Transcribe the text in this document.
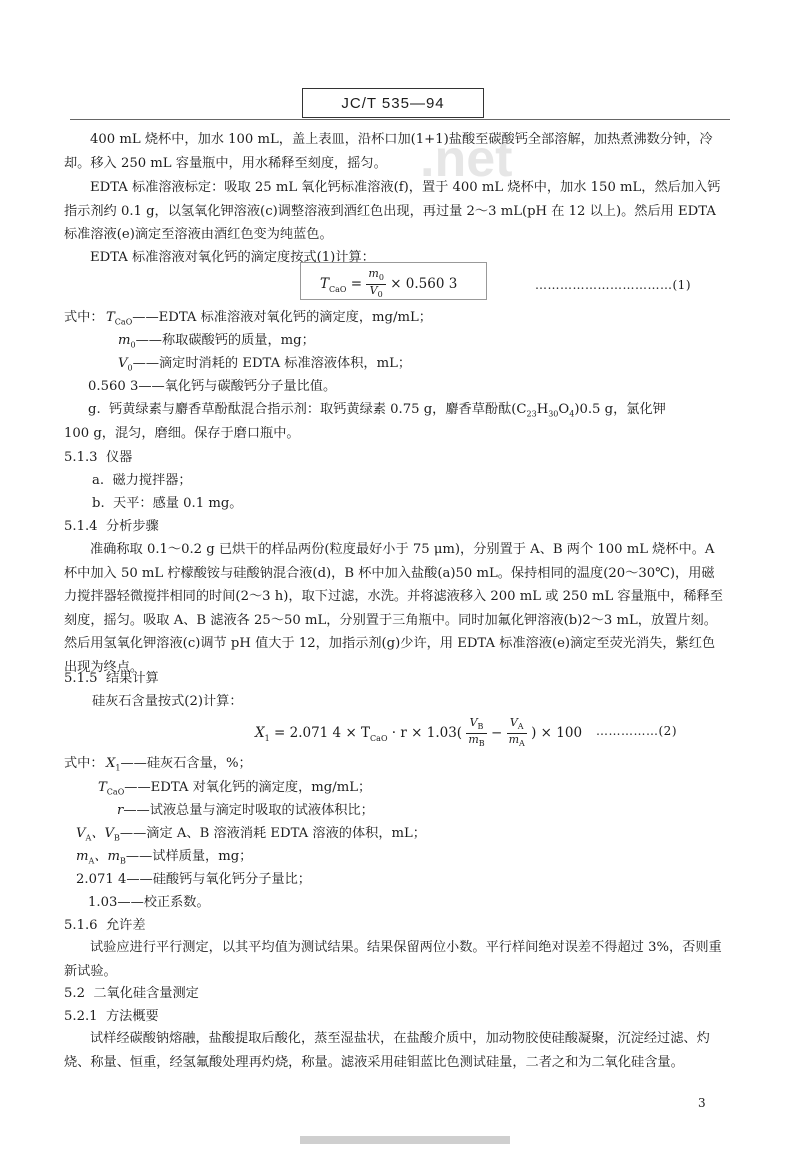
JC/T 535—94
.net
400 mL 烧杯中，加水 100 mL，盖上表皿，沿杯口加(1+1)盐酸至碳酸钙全部溶解，加热煮沸数分钟，冷却。移入 250 mL 容量瓶中，用水稀释至刻度，摇匀。
EDTA 标准溶液标定：吸取 25 mL 氧化钙标准溶液(f)，置于 400 mL 烧杯中，加水 150 mL，然后加入钙指示剂约 0.1 g，以氢氧化钾溶液(c)调整溶液到酒红色出现，再过量 2～3 mL(pH 在 12 以上)。然后用 EDTA 标准溶液(e)滴定至溶液由酒红色变为纯蓝色。
EDTA 标准溶液对氧化钙的滴定度按式(1)计算：
$T_{CaO} = \frac{m_0}{V_0} \times 0.560$ 3	……………………………(1)
式中： $T_{CaO}——EDTA$ 标准溶液对氧化钙的滴定度，mg/mL；
$m_0——$称取碳酸钙的质量，mg；
$V_0——$滴定时消耗的 EDTA 标准溶液体积，mL；
0.560 3——氧化钙与碳酸钙分子量比值。
g. 钙黄绿素与麝香草酚酞混合指示剂：取钙黄绿素 0.75 g，麝香草酚酞$(C_{23}H_{30}O_4)0.5$ g，氯化钾
100 g，混匀，磨细。保存于磨口瓶中。
5.1.3 仪器
a. 磁力搅拌器；
b. 天平：感量 0.1 mg。
5.1.4 分析步骤
准确称取 0.1～0.2 g 已烘干的样品两份(粒度最好小于 75 μm)，分别置于 A、B 两个 100 mL 烧杯中。A 杯中加入 50 mL 柠檬酸铵与硅酸钠混合液(d)，B 杯中加入盐酸(a)50 mL。保持相同的温度(20～30℃)，用磁力搅拌器轻微搅拌相同的时间(2～3 h)，取下过滤，水洗。并将滤液移入 200 mL 或 250 mL 容量瓶中，稀释至刻度，摇匀。吸取 A、B 滤液各 25～50 mL，分别置于三角瓶中。同时加氟化钾溶液(b)2～3 mL，放置片刻。然后用氢氧化钾溶液(c)调节 pH 值大于 12，加指示剂(g)少许，用 EDTA 标准溶液(e)滴定至荧光消失，紫红色出现为终点。
5.1.5 结果计算
硅灰石含量按式(2)计算：
$X_1 = 2.071$ $4 \times T_{CaO} \cdot r \times 1.03( \frac{V_B}{m_B} - \frac{V_A}{m_A}$ ) × 100 ……………(2)
式中： $X_1——$硅灰石含量，%；
$T_{CaO}——EDTA$ 对氧化钙的滴定度，mg/mL；
r——试液总量与滴定时吸取的试液体积比；
$V_A$、$V_B——$滴定 A、B 溶液消耗 EDTA 溶液的体积，mL；
$m_A$、$m_B——$试样质量，mg；
2.071 4——硅酸钙与氧化钙分子量比；
1.03——校正系数。
5.1.6 允许差
试验应进行平行测定，以其平均值为测试结果。结果保留两位小数。平行样间绝对误差不得超过 3%，否则重新试验。
5.2 二氧化硅含量测定
5.2.1 方法概要
试样经碳酸钠熔融，盐酸提取后酸化，蒸至湿盐状，在盐酸介质中，加动物胶使硅酸凝聚，沉淀经过滤、灼烧、称量、恒重，经氢氟酸处理再灼烧，称量。滤液采用硅钼蓝比色测试硅量，二者之和为二氧化硅含量。
3
